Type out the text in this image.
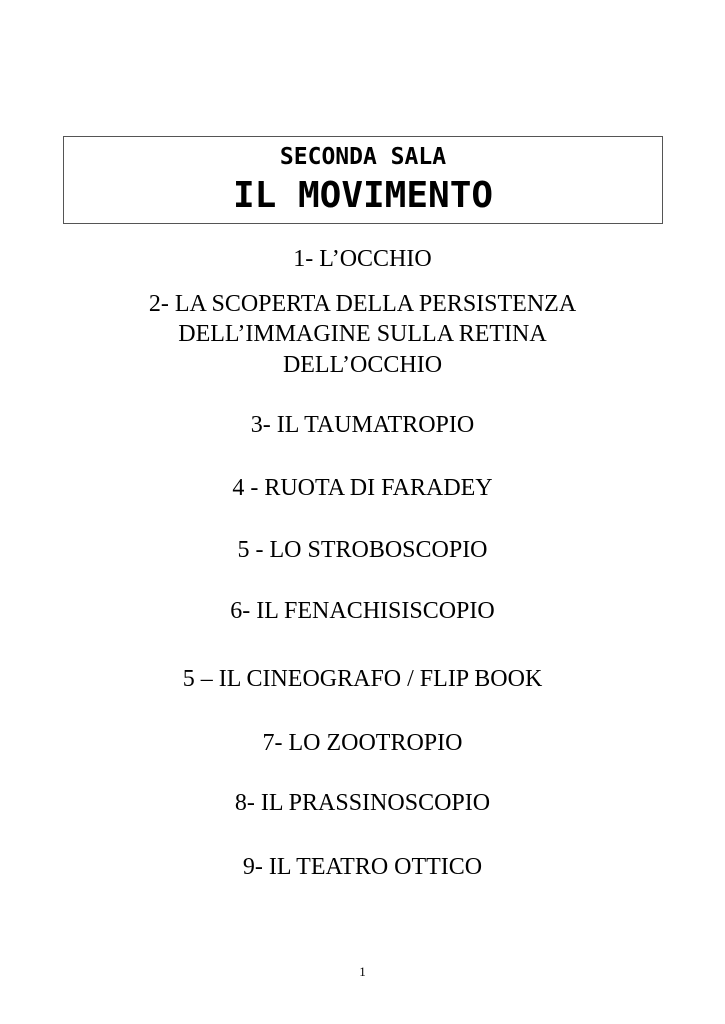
SECONDA SALA
IL MOVIMENTO

1- L’OCCHIO

2- LA SCOPERTA DELLA PERSISTENZA

DELL’IMMAGINE SULLA RETINA

DELL’OCCHIO

3- IL TAUMATROPIO

4 - RUOTA DI FARADEY

5 - LO STROBOSCOPIO

6- IL FENACHISISCOPIO

5 – IL CINEOGRAFO / FLIP BOOK

7- LO ZOOTROPIO

8- IL PRASSINOSCOPIO

9- IL TEATRO OTTICO

1
